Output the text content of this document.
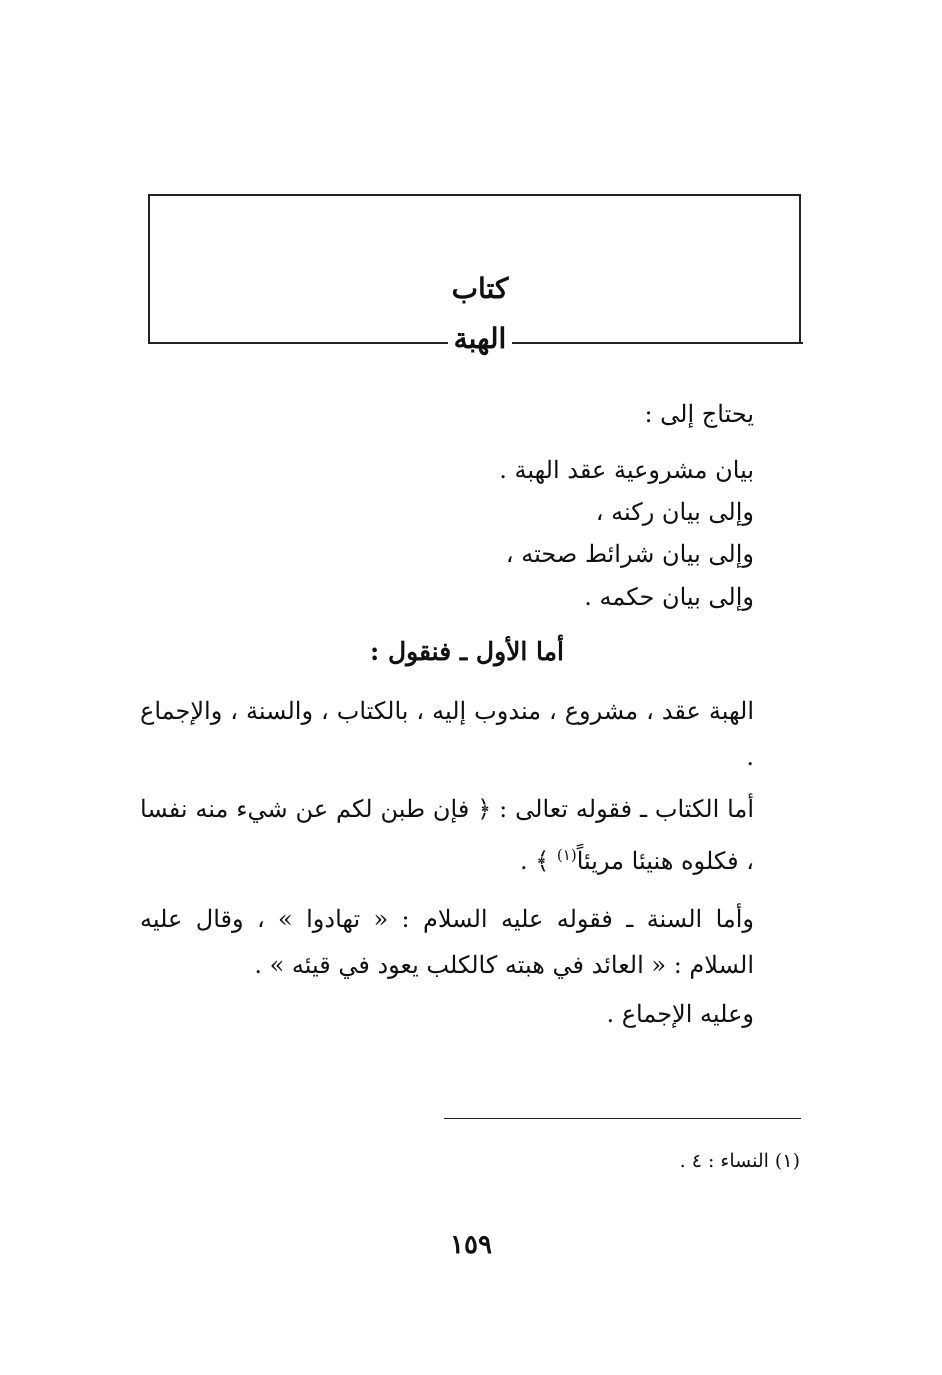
كتاب
الهبة
يحتاج إلى :
بيان مشروعية عقد الهبة .
وإلى بيان ركنه ،
وإلى بيان شرائط صحته ،
وإلى بيان حكمه .
أما الأول ـ فنقول :
الهبة عقد ، مشروع ، مندوب إليه ، بالكتاب ، والسنة ، والإجماع .
أما الكتاب ـ فقوله تعالى : ﴿ فإن طبن لكم عن شيء منه نفسا ، فكلوه هنيئا مريئاً$^{(١)}$ ﴾ .
وأما السنة ـ فقوله عليه السلام : « تهادوا » ، وقال عليه السلام : « العائد في هبته كالكلب يعود في قيئه » .
وعليه الإجماع .
(١) النساء : ٤ .
١٥٩
